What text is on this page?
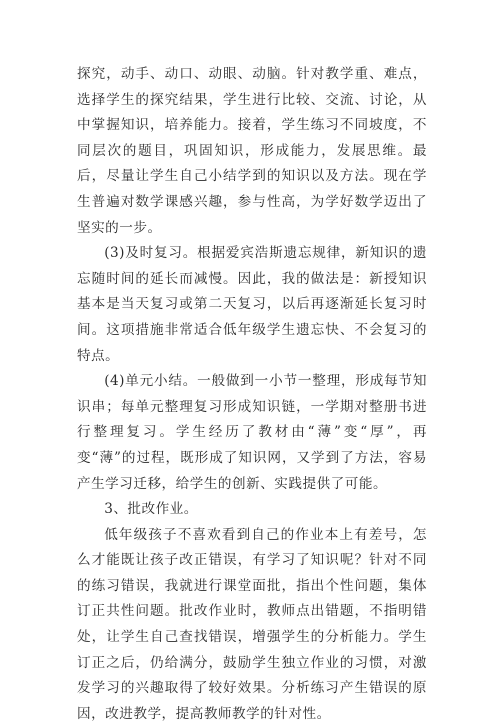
探究，动手、动口、动眼、动脑。针对教学重、难点，选择学生的探究结果，学生进行比较、交流、讨论，从中掌握知识，培养能力。接着，学生练习不同坡度，不同层次的题目，巩固知识，形成能力，发展思维。最后，尽量让学生自己小结学到的知识以及方法。现在学生普遍对数学课感兴趣，参与性高，为学好数学迈出了坚实的一步。

(3)及时复习。根据爱宾浩斯遗忘规律，新知识的遗忘随时间的延长而减慢。因此，我的做法是：新授知识基本是当天复习或第二天复习，以后再逐渐延长复习时间。这项措施非常适合低年级学生遗忘快、不会复习的特点。

(4)单元小结。一般做到一小节一整理，形成每节知识串；每单元整理复习形成知识链，一学期对整册书进行整理复习。学生经历了教材由“薄”变“厚”，再变“薄”的过程，既形成了知识网，又学到了方法，容易产生学习迁移，给学生的创新、实践提供了可能。

3、批改作业。

低年级孩子不喜欢看到自己的作业本上有差号，怎么才能既让孩子改正错误，有学习了知识呢？针对不同的练习错误，我就进行课堂面批，指出个性问题，集体订正共性问题。批改作业时，教师点出错题，不指明错处，让学生自己查找错误，增强学生的分析能力。学生订正之后，仍给满分，鼓励学生独立作业的习惯，对激发学习的兴趣取得了较好效果。分析练习产生错误的原因，改进教学，提高教师教学的针对性。
